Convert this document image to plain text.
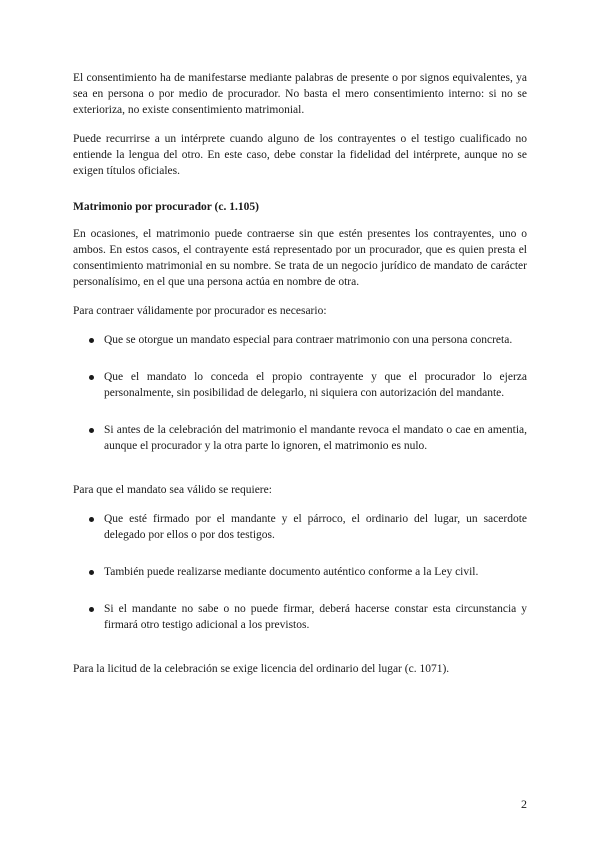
El consentimiento ha de manifestarse mediante palabras de presente o por signos equivalentes, ya sea en persona o por medio de procurador. No basta el mero consentimiento interno: si no se exterioriza, no existe consentimiento matrimonial.

Puede recurrirse a un intérprete cuando alguno de los contrayentes o el testigo cualificado no entiende la lengua del otro. En este caso, debe constar la fidelidad del intérprete, aunque no se exigen títulos oficiales.

Matrimonio por procurador (c. 1.105)

En ocasiones, el matrimonio puede contraerse sin que estén presentes los contrayentes, uno o ambos. En estos casos, el contrayente está representado por un procurador, que es quien presta el consentimiento matrimonial en su nombre. Se trata de un negocio jurídico de mandato de carácter personalísimo, en el que una persona actúa en nombre de otra.

Para contraer válidamente por procurador es necesario:

Que se otorgue un mandato especial para contraer matrimonio con una persona concreta.
Que el mandato lo conceda el propio contrayente y que el procurador lo ejerza personalmente, sin posibilidad de delegarlo, ni siquiera con autorización del mandante.
Si antes de la celebración del matrimonio el mandante revoca el mandato o cae en amentia, aunque el procurador y la otra parte lo ignoren, el matrimonio es nulo.

Para que el mandato sea válido se requiere:

Que esté firmado por el mandante y el párroco, el ordinario del lugar, un sacerdote delegado por ellos o por dos testigos.
También puede realizarse mediante documento auténtico conforme a la Ley civil.
Si el mandante no sabe o no puede firmar, deberá hacerse constar esta circunstancia y firmará otro testigo adicional a los previstos.

Para la licitud de la celebración se exige licencia del ordinario del lugar (c. 1071).

2
